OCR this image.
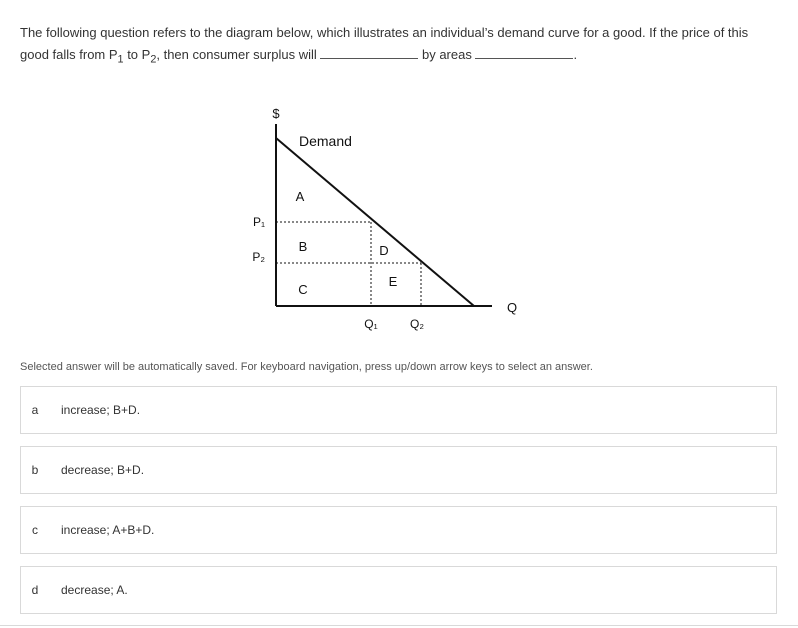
The following question refers to the diagram below, which illustrates an individual’s demand curve for a good. If the price of this good falls from $P_1$ to $P_2$, then consumer surplus will	by areas	.
$
Q
Demand
P₁
P₂
Q₁	Q₂
A
B
C
D
E
Selected answer will be automatically saved. For keyboard navigation, press up/down arrow keys to select an answer.
a	increase; B+D.
b	decrease; B+D.
c	increase; A+B+D.
d	decrease; A.
